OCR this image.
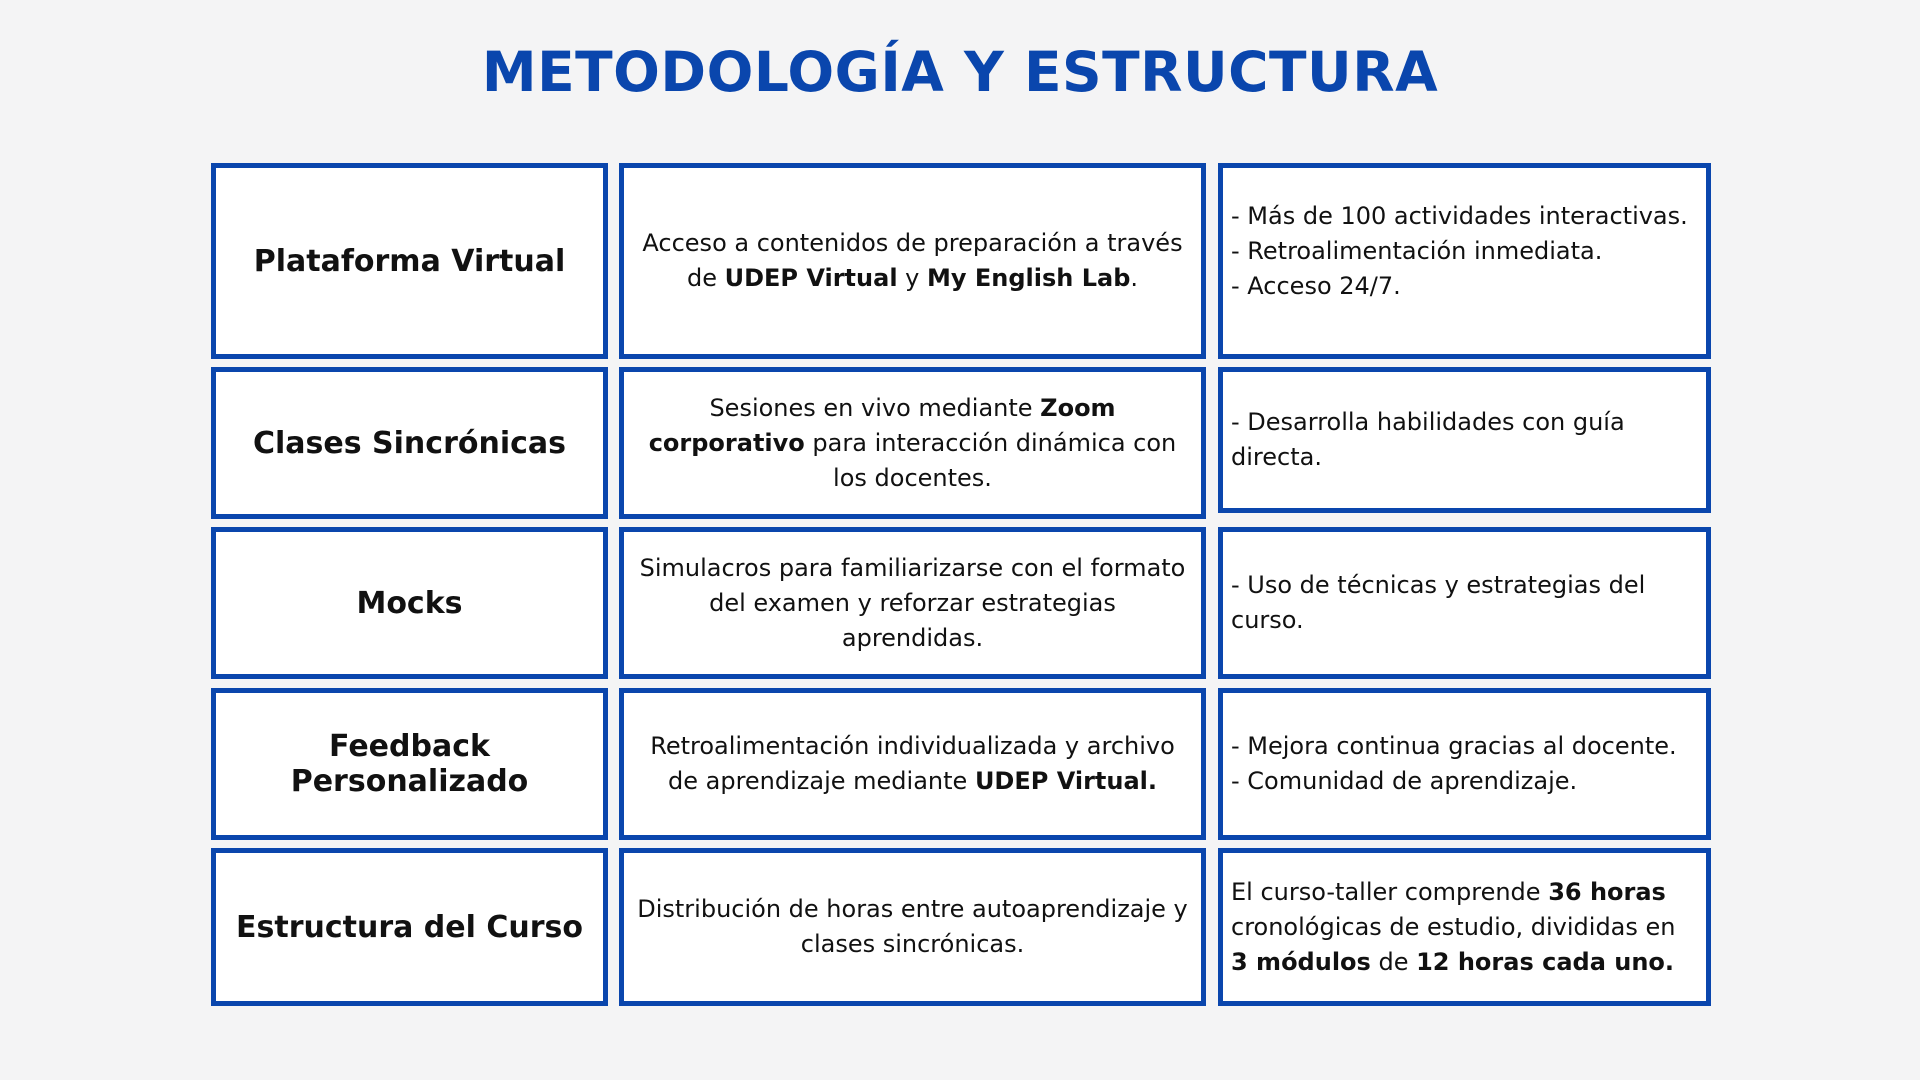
METODOLOGÍA Y ESTRUCTURA
Plataforma Virtual
Acceso a contenidos de preparación a través de UDEP Virtual y My English Lab.
- Más de 100 actividades interactivas.
- Retroalimentación inmediata.
- Acceso 24/7.
Clases Sincrónicas
Sesiones en vivo mediante Zoom corporativo para interacción dinámica con los docentes.
- Desarrolla habilidades con guía directa.
Mocks
Simulacros para familiarizarse con el formato del examen y reforzar estrategias aprendidas.
- Uso de técnicas y estrategias del curso.
Feedback Personalizado
Retroalimentación individualizada y archivo de aprendizaje mediante UDEP Virtual.
- Mejora continua gracias al docente.
- Comunidad de aprendizaje.
Estructura del Curso
Distribución de horas entre autoaprendizaje y clases sincrónicas.
El curso-taller comprende 36 horas cronológicas de estudio, divididas en 3 módulos de 12 horas cada uno.
